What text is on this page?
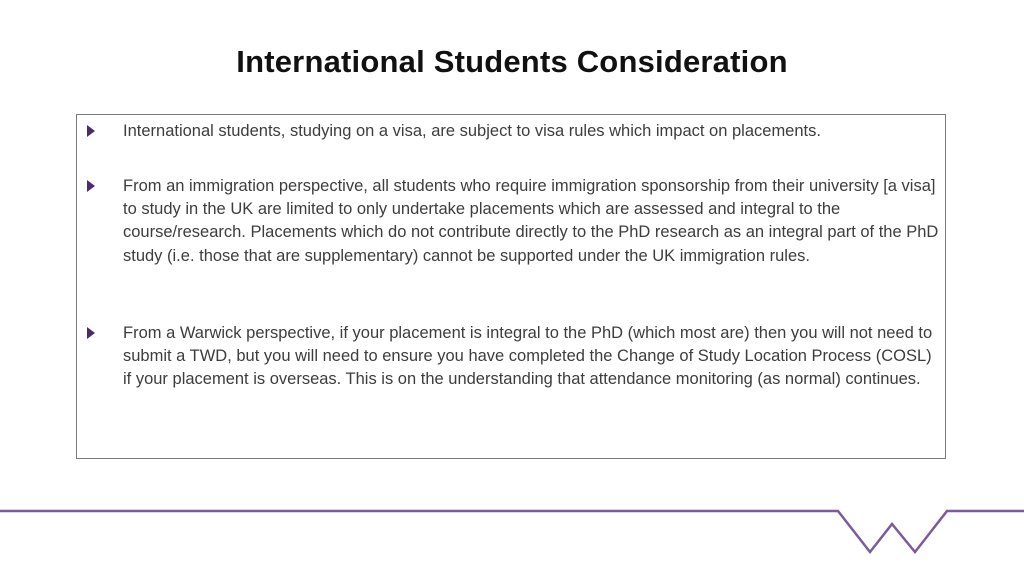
International Students Consideration

International students, studying on a visa, are subject to visa rules which impact on placements.

From an immigration perspective, all students who require immigration sponsorship from their university [a visa] to study in the UK are limited to only undertake placements which are assessed and integral to the course/research. Placements which do not contribute directly to the PhD research as an integral part of the PhD study (i.e. those that are supplementary) cannot be supported under the UK immigration rules.

From a Warwick perspective, if your placement is integral to the PhD (which most are) then you will not need to submit a TWD, but you will need to ensure you have completed the Change of Study Location Process (COSL) if your placement is overseas. This is on the understanding that attendance monitoring (as normal) continues.
